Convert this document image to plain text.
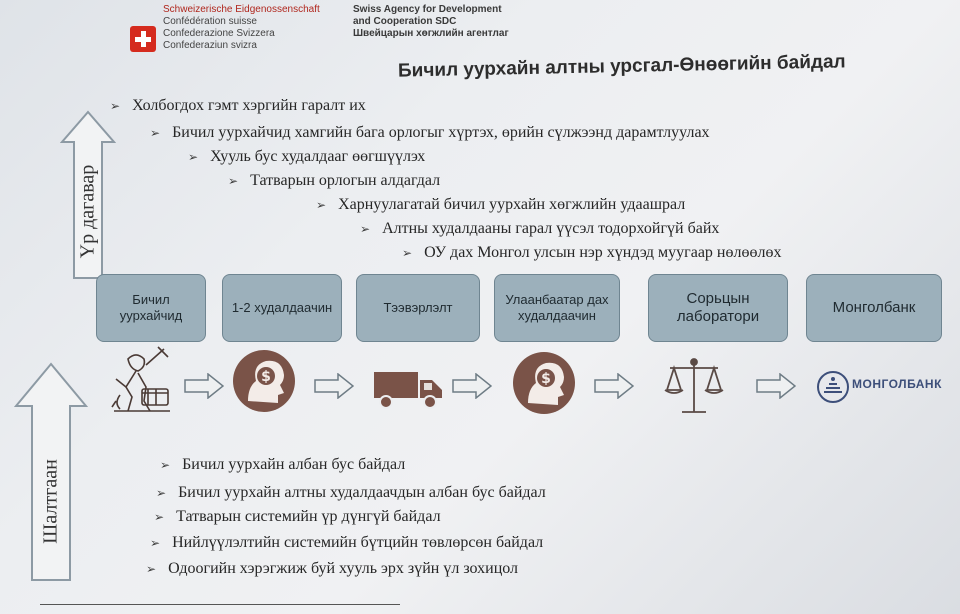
Schweizerische Eidgenossenschaft
Confédération suisse
Confederazione Svizzera
Confederaziun svizra
Swiss Agency for Development
and Cooperation SDC
Швейцарын хөгжлийн агентлаг
Бичил уурхайн алтны урсгал-Өнөөгийн байдал
Үр дагавар
Шалтгаан
➢ Холбогдох гэмт хэргийн гаралт их
➢ Бичил уурхайчид хамгийн бага орлогыг хүртэх, өрийн сүлжээнд дарамтлуулах
➢ Хууль бус худалдааг өөгшүүлэх
➢ Татварын орлогын алдагдал
➢ Харнуулагатай бичил уурхайн хөгжлийн удаашрал
➢ Алтны худалдааны гарал үүсэл тодорхойгүй байх
➢ ОУ дах Монгол улсын нэр хүндэд муугаар нөлөөлөх
Бичил уурхайчид
1-2 худалдаачин	Тээвэрлэлт
Улаанбаатар дах худалдаачин
Сорьцын лаборатори
Монголбанк
$	$	МОНГОЛБАНК
➢ Бичил уурхайн албан бус байдал
➢ Бичил уурхайн алтны худалдаачдын албан бус байдал
➢ Татварын системийн үр дүнгүй байдал
➢ Нийлүүлэлтийн системийн бүтцийн төвлөрсөн байдал
➢ Одоогийн хэрэгжиж буй хууль эрх зүйн үл зохицол
